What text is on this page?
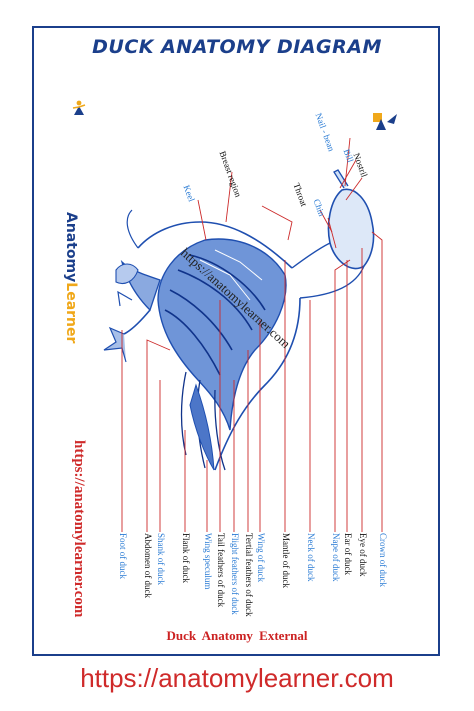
DUCK ANATOMY DIAGRAM
AnatomyLearner
https://anatomylearner.com
https://anatomylearner.com
Nail - bean
Bill
Nostril
Breast region	Throat Chin
Keel
Foot of duck Abdomen of duck Shank of duck Flank of duck Wing speculum Tail feathers of duck Flight feathers of duck Tertial feathers of duck Wing of duck Mantle of duck Neck of duck Nape of duck Ear of duck Eye of duck Crown of duck
Duck Anatomy External
https://anatomylearner.com
